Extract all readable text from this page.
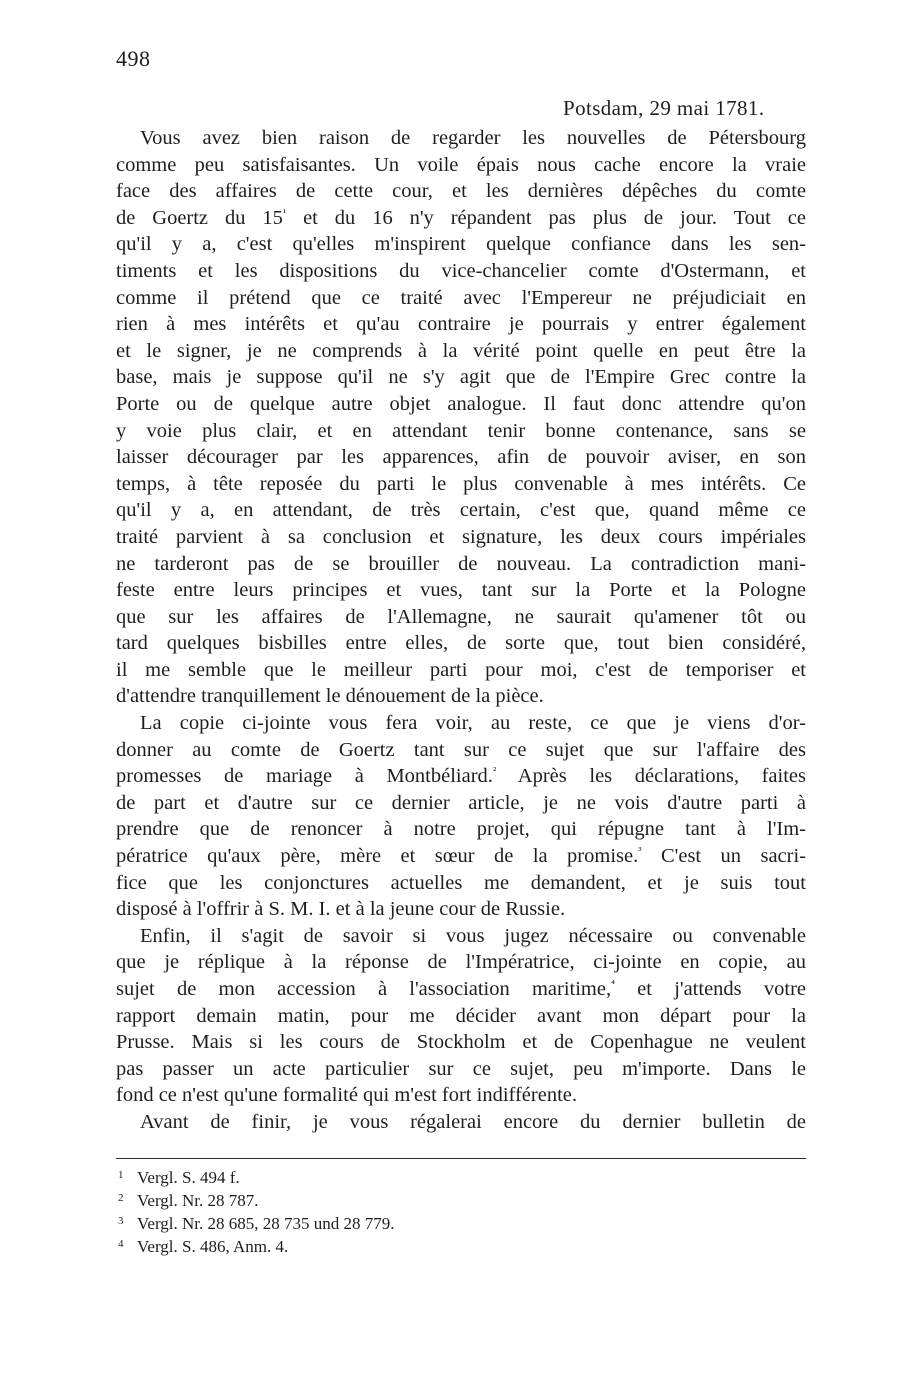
498
Potsdam, 29 mai 1781.
Vous avez bien raison de regarder les nouvelles de Pétersbourg
comme peu satisfaisantes. Un voile épais nous cache encore la vraie
face des affaires de cette cour, et les dernières dépêches du comte
de Goertz du $15^{^1}$ et du 16 n'y répandent pas plus de jour. Tout ce
qu'il y a, c'est qu'elles m'inspirent quelque confiance dans les sen-
timents et les dispositions du vice-chancelier comte d'Ostermann, et
comme il prétend que ce traité avec l'Empereur ne préjudiciait en
rien à mes intérêts et qu'au contraire je pourrais y entrer également
et le signer, je ne comprends à la vérité point quelle en peut être la
base, mais je suppose qu'il ne s'y agit que de l'Empire Grec contre la
Porte ou de quelque autre objet analogue. Il faut donc attendre qu'on
y voie plus clair, et en attendant tenir bonne contenance, sans se
laisser décourager par les apparences, afin de pouvoir aviser, en son
temps, à tête reposée du parti le plus convenable à mes intérêts. Ce
qu'il y a, en attendant, de très certain, c'est que, quand même ce
traité parvient à sa conclusion et signature, les deux cours impériales
ne tarderont pas de se brouiller de nouveau. La contradiction mani-
feste entre leurs principes et vues, tant sur la Porte et la Pologne
que sur les affaires de l'Allemagne, ne saurait qu'amener tôt ou
tard quelques bisbilles entre elles, de sorte que, tout bien considéré,
il me semble que le meilleur parti pour moi, c'est de temporiser et
d'attendre tranquillement le dénouement de la pièce.
La copie ci-jointe vous fera voir, au reste, ce que je viens d'or-
donner au comte de Goertz tant sur ce sujet que sur l'affaire des
promesses de mariage à Montbéliard.$^{^2}$ Après les déclarations, faites
de part et d'autre sur ce dernier article, je ne vois d'autre parti à
prendre que de renoncer à notre projet, qui répugne tant à l'Im-
pératrice qu'aux père, mère et sœur de la promise.$^{^3}$ C'est un sacri-
fice que les conjonctures actuelles me demandent, et je suis tout
disposé à l'offrir à S. M. I. et à la jeune cour de Russie.
Enfin, il s'agit de savoir si vous jugez nécessaire ou convenable
que je réplique à la réponse de l'Impératrice, ci-jointe en copie, au
sujet de mon accession à l'association maritime,$^{^4}$ et j'attends votre
rapport demain matin, pour me décider avant mon départ pour la
Prusse. Mais si les cours de Stockholm et de Copenhague ne veulent
pas passer un acte particulier sur ce sujet, peu m'importe. Dans le
fond ce n'est qu'une formalité qui m'est fort indifférente.
Avant de finir, je vous régalerai encore du dernier bulletin de
1 Vergl. S. 494 f.
2 Vergl. Nr. 28 787.
3 Vergl. Nr. 28 685, 28 735 und 28 779.
4 Vergl. S. 486, Anm. 4.
